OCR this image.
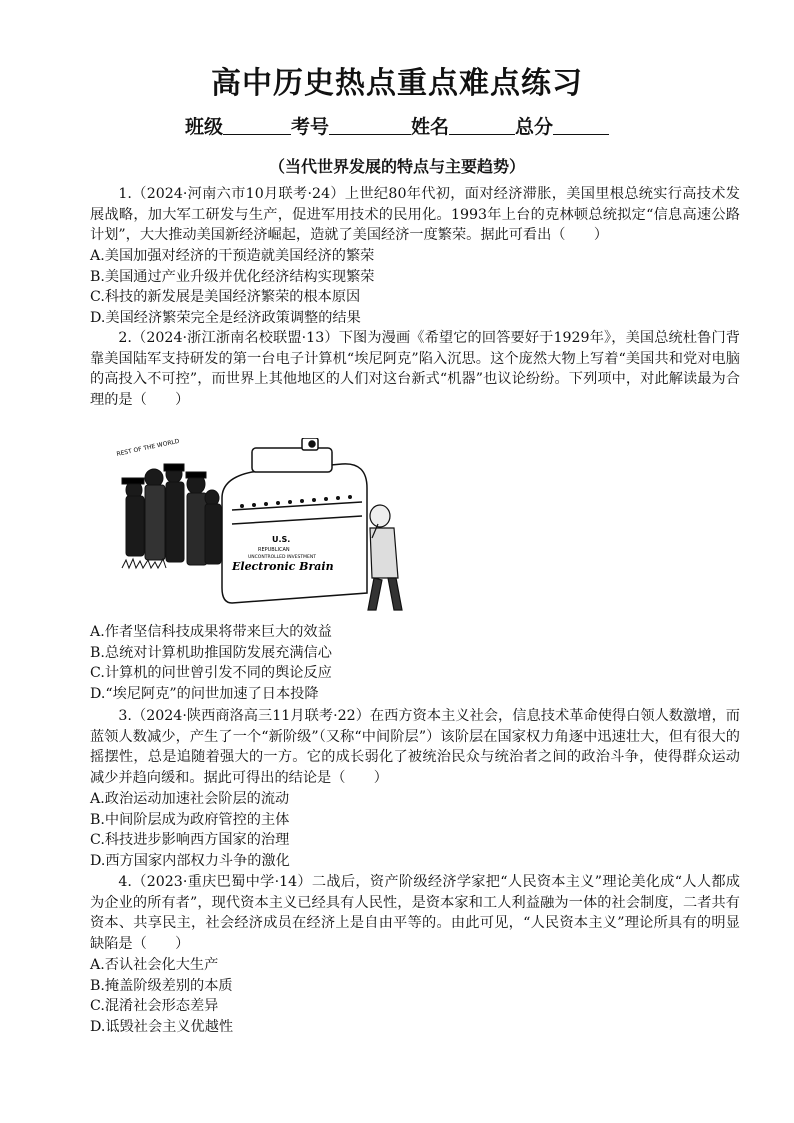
高中历史热点重点难点练习
班级	考号	姓名	总分
（当代世界发展的特点与主要趋势）

1.（2024·河南六市10月联考·24）上世纪80年代初，面对经济滞胀，美国里根总统实行高技术发展战略，加大军工研发与生产，促进军用技术的民用化。1993年上台的克林顿总统拟定“信息高速公路计划”，大大推动美国新经济崛起，造就了美国经济一度繁荣。据此可看出（　　）

A.美国加强对经济的干预造就美国经济的繁荣
B.美国通过产业升级并优化经济结构实现繁荣
C.科技的新发展是美国经济繁荣的根本原因
D.美国经济繁荣完全是经济政策调整的结果

2.（2024·浙江浙南名校联盟·13）下图为漫画《希望它的回答要好于1929年》，美国总统杜鲁门背靠美国陆军支持研发的第一台电子计算机“埃尼阿克”陷入沉思。这个庞然大物上写着“美国共和党对电脑的高投入不可控”，而世界上其他地区的人们对这台新式“机器”也议论纷纷。下列项中，对此解读最为合理的是（　　）

REST OF THE WORLD
U.S.
REPUBLICAN
UNCONTROLLED INVESTMENT
Electronic Brain
A.作者坚信科技成果将带来巨大的效益
B.总统对计算机助推国防发展充满信心
C.计算机的问世曾引发不同的舆论反应
D.“埃尼阿克”的问世加速了日本投降

3.（2024·陕西商洛高三11月联考·22）在西方资本主义社会，信息技术革命使得白领人数激增，而蓝领人数减少，产生了一个“新阶级”（又称“中间阶层”）该阶层在国家权力角逐中迅速壮大，但有很大的摇摆性，总是追随着强大的一方。它的成长弱化了被统治民众与统治者之间的政治斗争，使得群众运动减少并趋向缓和。据此可得出的结论是（　　）

A.政治运动加速社会阶层的流动
B.中间阶层成为政府管控的主体
C.科技进步影响西方国家的治理
D.西方国家内部权力斗争的激化

4.（2023·重庆巴蜀中学·14）二战后，资产阶级经济学家把“人民资本主义”理论美化成“人人都成为企业的所有者”，现代资本主义已经具有人民性，是资本家和工人利益融为一体的社会制度，二者共有资本、共享民主，社会经济成员在经济上是自由平等的。由此可见，“人民资本主义”理论所具有的明显缺陷是（　　）

A.否认社会化大生产
B.掩盖阶级差别的本质
C.混淆社会形态差异
D.诋毁社会主义优越性
